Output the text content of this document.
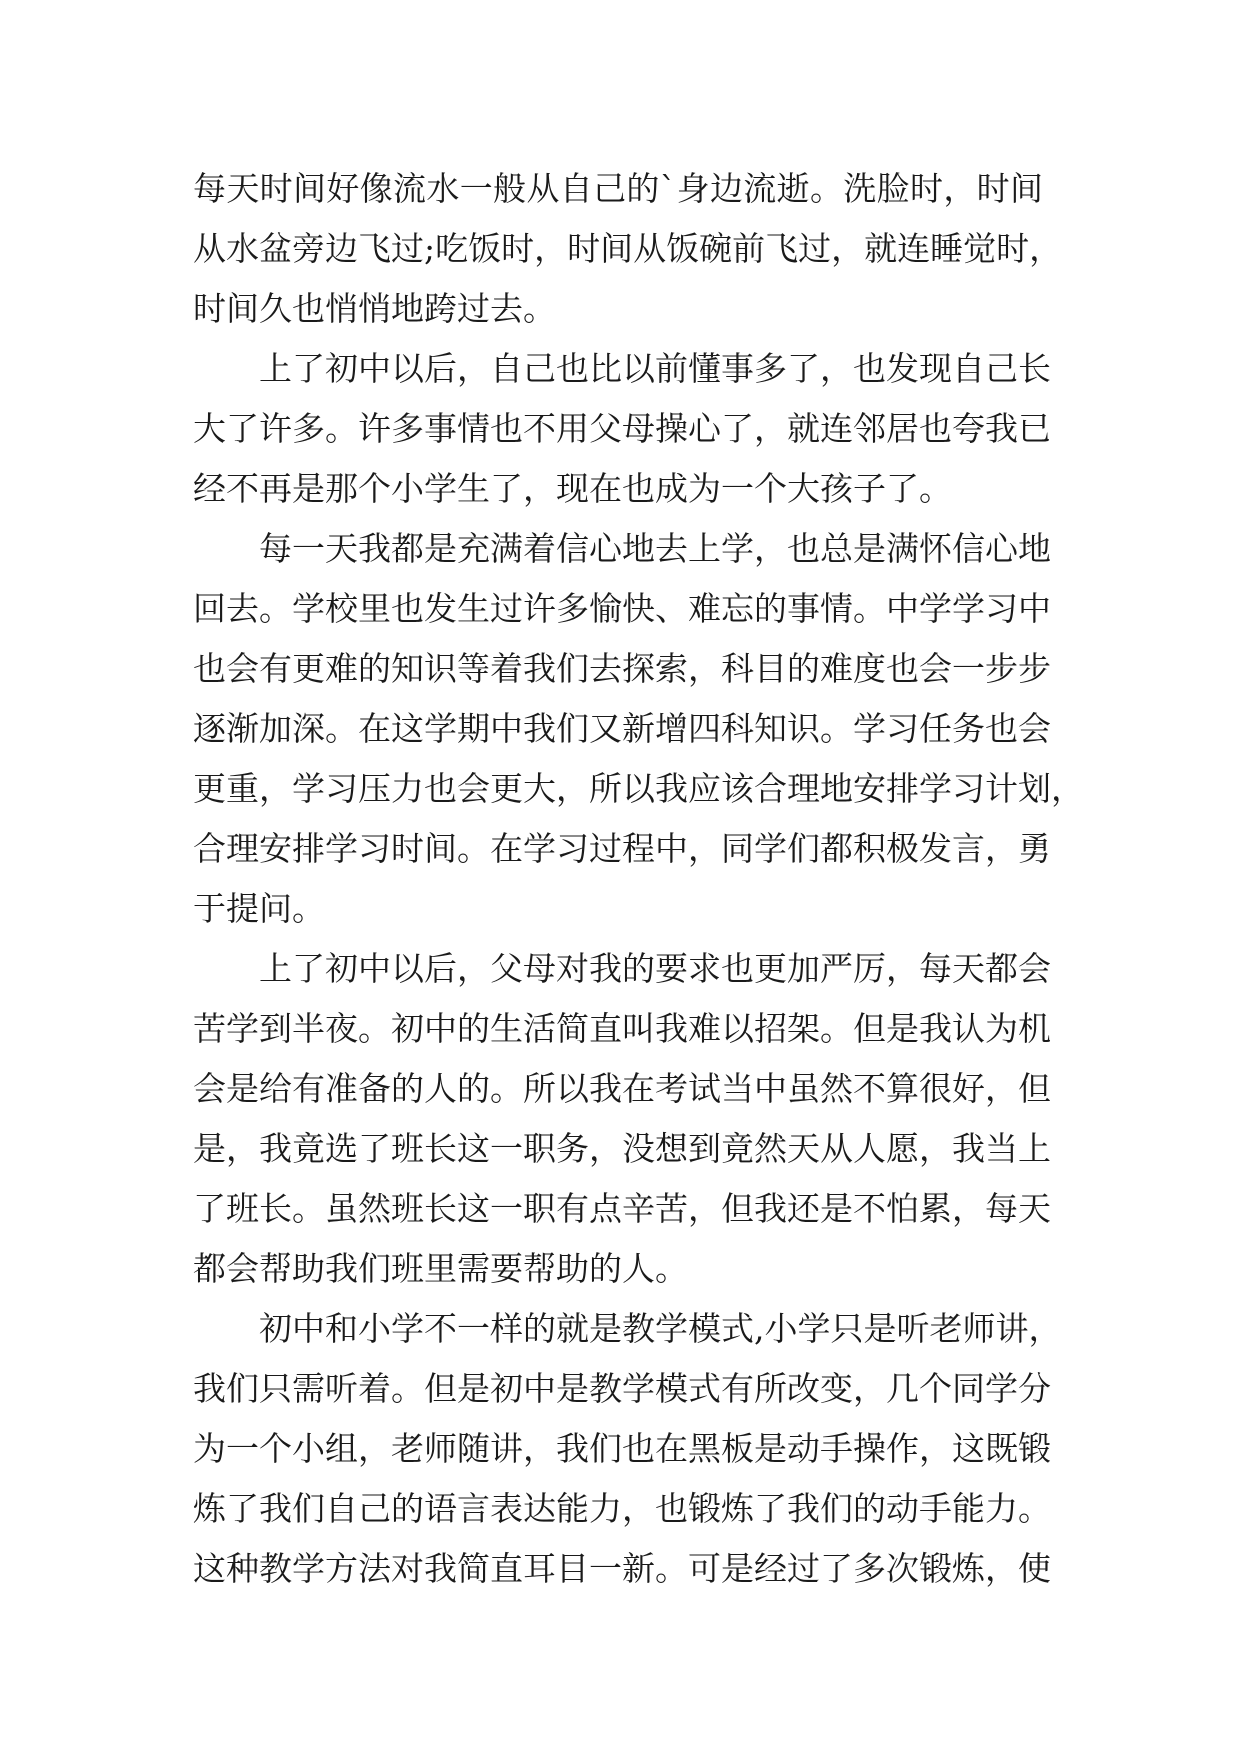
每天时间好像流水一般从自己的`身边流逝。洗脸时，时间
从水盆旁边飞过;吃饭时，时间从饭碗前飞过，就连睡觉时，
时间久也悄悄地跨过去。
上了初中以后，自己也比以前懂事多了，也发现自己长
大了许多。许多事情也不用父母操心了，就连邻居也夸我已
经不再是那个小学生了，现在也成为一个大孩子了。
每一天我都是充满着信心地去上学，也总是满怀信心地
回去。学校里也发生过许多愉快、难忘的事情。中学学习中
也会有更难的知识等着我们去探索，科目的难度也会一步步
逐渐加深。在这学期中我们又新增四科知识。学习任务也会
更重，学习压力也会更大，所以我应该合理地安排学习计划，
合理安排学习时间。在学习过程中，同学们都积极发言，勇
于提问。
上了初中以后，父母对我的要求也更加严厉，每天都会
苦学到半夜。初中的生活简直叫我难以招架。但是我认为机
会是给有准备的人的。所以我在考试当中虽然不算很好，但
是，我竟选了班长这一职务，没想到竟然天从人愿，我当上
了班长。虽然班长这一职有点辛苦，但我还是不怕累，每天
都会帮助我们班里需要帮助的人。
初中和小学不一样的就是教学模式,小学只是听老师讲，
我们只需听着。但是初中是教学模式有所改变，几个同学分
为一个小组，老师随讲，我们也在黑板是动手操作，这既锻
炼了我们自己的语言表达能力，也锻炼了我们的动手能力。
这种教学方法对我简直耳目一新。可是经过了多次锻炼，使
